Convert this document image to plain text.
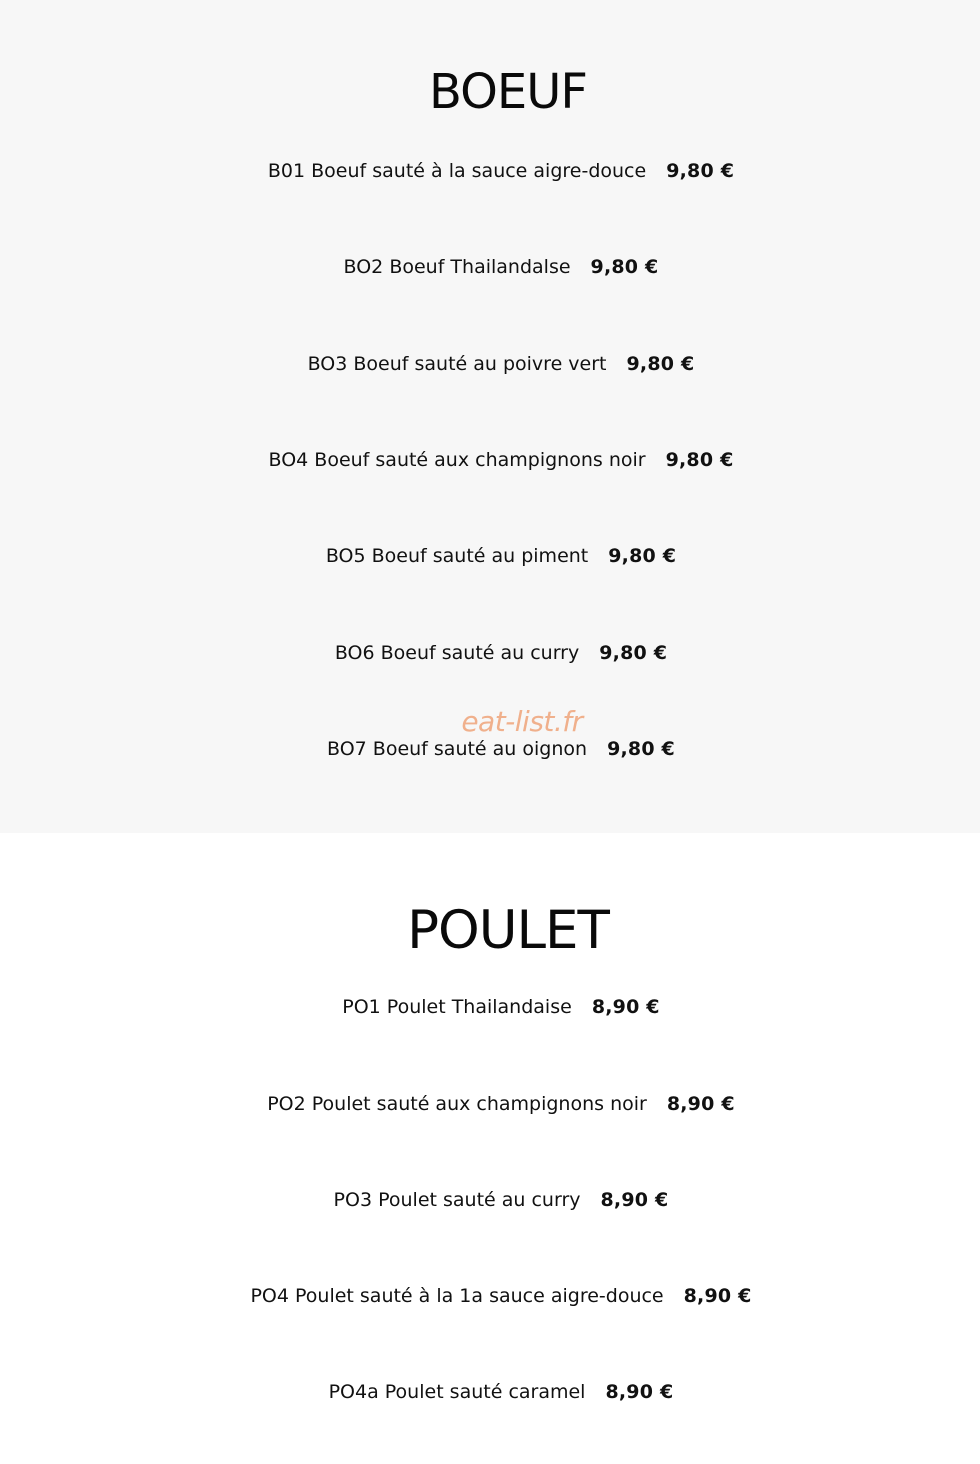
BOEUF
B01 Boeuf sauté à la sauce aigre-douce 9,80 €
BO2 Boeuf Thailandalse 9,80 €
BO3 Boeuf sauté au poivre vert 9,80 €
BO4 Boeuf sauté aux champignons noir 9,80 €
BO5 Boeuf sauté au piment 9,80 €
BO6 Boeuf sauté au curry 9,80 €
BO7 Boeuf sauté au oignon 9,80 €
eat-list.fr
POULET
PO1 Poulet Thailandaise 8,90 €
PO2 Poulet sauté aux champignons noir 8,90 €
PO3 Poulet sauté au curry 8,90 €
PO4 Poulet sauté à la 1a sauce aigre-douce 8,90 €
PO4a Poulet sauté caramel 8,90 €
